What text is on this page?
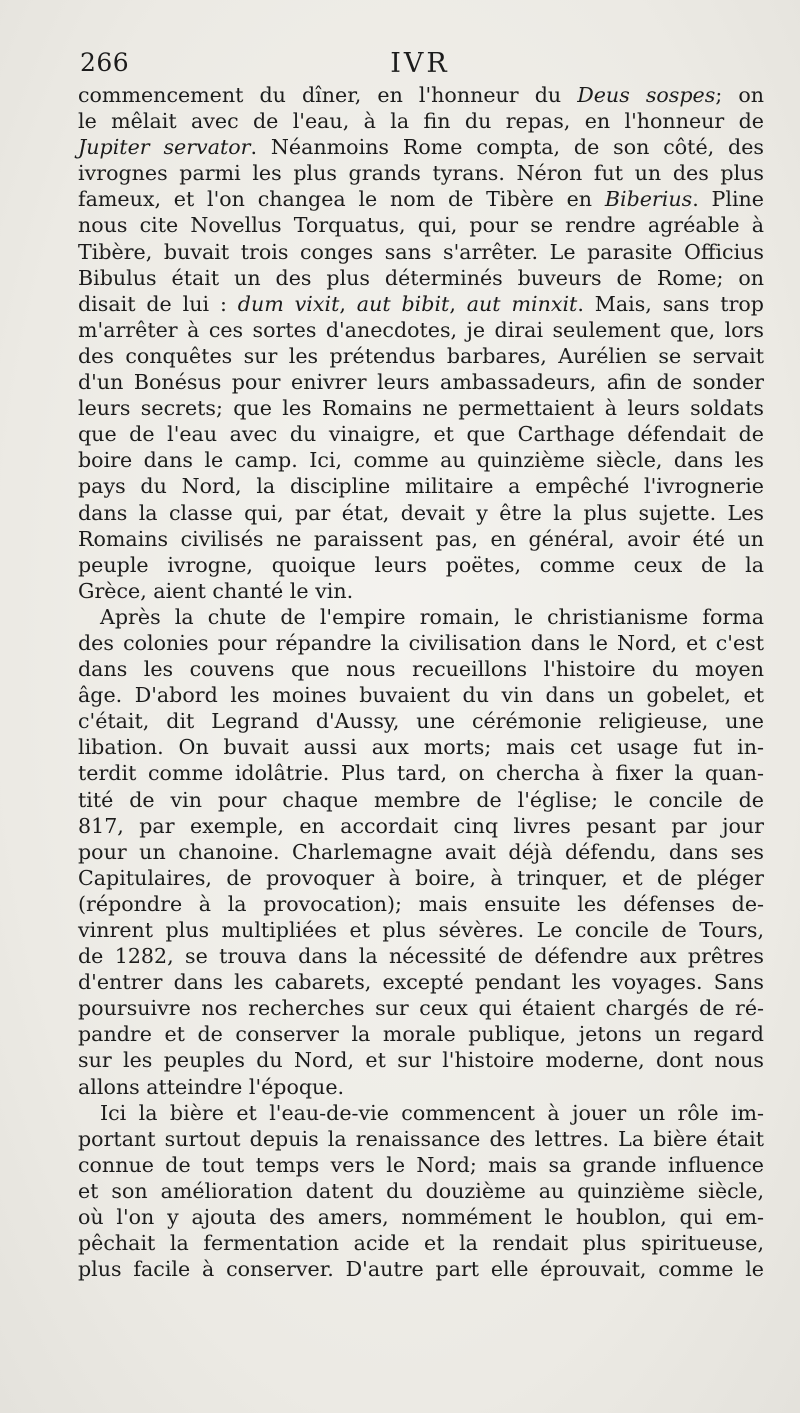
266	IVR

commencement du dîner, en l'honneur du Deus sospes; on
le mêlait avec de l'eau, à la fin du repas, en l'honneur de
Jupiter servator. Néanmoins Rome compta, de son côté, des
ivrognes parmi les plus grands tyrans. Néron fut un des plus
fameux, et l'on changea le nom de Tibère en Biberius. Pline
nous cite Novellus Torquatus, qui, pour se rendre agréable à
Tibère, buvait trois conges sans s'arrêter. Le parasite Officius
Bibulus était un des plus déterminés buveurs de Rome; on
disait de lui : dum vixit, aut bibit, aut minxit. Mais, sans trop
m'arrêter à ces sortes d'anecdotes, je dirai seulement que, lors
des conquêtes sur les prétendus barbares, Aurélien se servait
d'un Bonésus pour enivrer leurs ambassadeurs, afin de sonder
leurs secrets; que les Romains ne permettaient à leurs soldats
que de l'eau avec du vinaigre, et que Carthage défendait de
boire dans le camp. Ici, comme au quinzième siècle, dans les
pays du Nord, la discipline militaire a empêché l'ivrognerie
dans la classe qui, par état, devait y être la plus sujette. Les
Romains civilisés ne paraissent pas, en général, avoir été un
peuple ivrogne, quoique leurs poëtes, comme ceux de la
Grèce, aient chanté le vin.

Après la chute de l'empire romain, le christianisme forma
des colonies pour répandre la civilisation dans le Nord, et c'est
dans les couvens que nous recueillons l'histoire du moyen
âge. D'abord les moines buvaient du vin dans un gobelet, et
c'était, dit Legrand d'Aussy, une cérémonie religieuse, une
libation. On buvait aussi aux morts; mais cet usage fut in-
terdit comme idolâtrie. Plus tard, on chercha à fixer la quan-
tité de vin pour chaque membre de l'église; le concile de
817, par exemple, en accordait cinq livres pesant par jour
pour un chanoine. Charlemagne avait déjà défendu, dans ses
Capitulaires, de provoquer à boire, à trinquer, et de pléger
(répondre à la provocation); mais ensuite les défenses de-
vinrent plus multipliées et plus sévères. Le concile de Tours,
de 1282, se trouva dans la nécessité de défendre aux prêtres
d'entrer dans les cabarets, excepté pendant les voyages. Sans
poursuivre nos recherches sur ceux qui étaient chargés de ré-
pandre et de conserver la morale publique, jetons un regard
sur les peuples du Nord, et sur l'histoire moderne, dont nous
allons atteindre l'époque.

Ici la bière et l'eau-de-vie commencent à jouer un rôle im-
portant surtout depuis la renaissance des lettres. La bière était
connue de tout temps vers le Nord; mais sa grande influence
et son amélioration datent du douzième au quinzième siècle,
où l'on y ajouta des amers, nommément le houblon, qui em-
pêchait la fermentation acide et la rendait plus spiritueuse,
plus facile à conserver. D'autre part elle éprouvait, comme le
